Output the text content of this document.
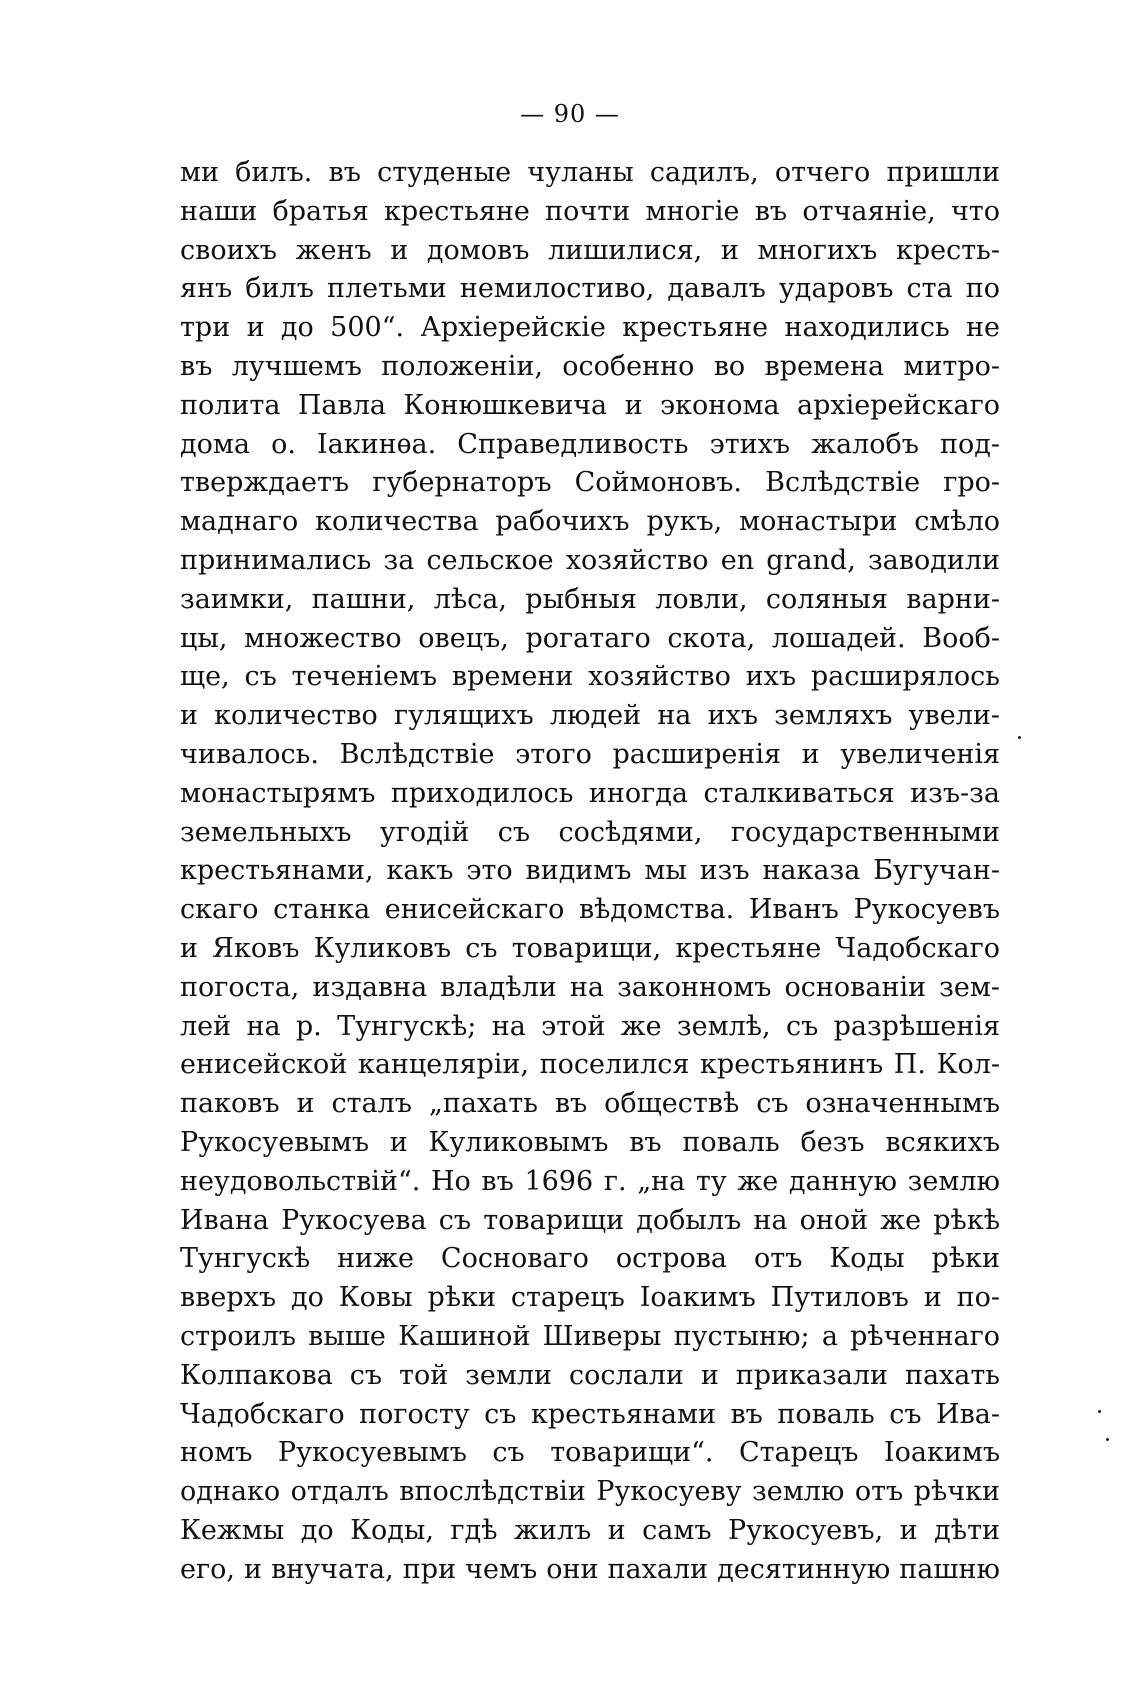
— 90 —
ми билъ. въ студеные чуланы садилъ, отчего пришли
наши братья крестьяне почти многіе въ отчаяніе, что
своихъ женъ и домовъ лишилися, и многихъ кресть-
янъ билъ плетьми немилостиво, давалъ ударовъ ста по
три и до 500“. Архіерейскіе крестьяне находились не
въ лучшемъ положеніи, особенно во времена митро-
полита Павла Конюшкевича и эконома архіерейскаго
дома о. Іакинѳа. Справедливость этихъ жалобъ под-
тверждаетъ губернаторъ Соймоновъ. Вслѣдствіе гро-
маднаго количества рабочихъ рукъ, монастыри смѣло
принимались за сельское хозяйство en grand, заводили
заимки, пашни, лѣса, рыбныя ловли, соляныя варни-
цы, множество овецъ, рогатаго скота, лошадей. Вооб-
ще, съ теченіемъ времени хозяйство ихъ расширялось
и количество гулящихъ людей на ихъ земляхъ увели-
чивалось. Вслѣдствіе этого расширенія и увеличенія
монастырямъ приходилось иногда сталкиваться изъ-за
земельныхъ угодій съ сосѣдями, государственными
крестьянами, какъ это видимъ мы изъ наказа Бугучан-
скаго станка енисейскаго вѣдомства. Иванъ Рукосуевъ
и Яковъ Куликовъ съ товарищи, крестьяне Чадобскаго
погоста, издавна владѣли на законномъ основаніи зем-
лей на р. Тунгускѣ; на этой же землѣ, съ разрѣшенія
енисейской канцеляріи, поселился крестьянинъ П. Кол-
паковъ и сталъ „пахать въ обществѣ съ означеннымъ
Рукосуевымъ и Куликовымъ въ поваль безъ всякихъ
неудовольствій“. Но въ 1696 г. „на ту же данную землю
Ивана Рукосуева съ товарищи добылъ на оной же рѣкѣ
Тунгускѣ ниже Сосноваго острова отъ Коды рѣки
вверхъ до Ковы рѣки старецъ Іоакимъ Путиловъ и по-
строилъ выше Кашиной Шиверы пустыню; а рѣченнаго
Колпакова съ той земли сослали и приказали пахать
Чадобскаго погосту съ крестьянами въ поваль съ Ива-
номъ Рукосуевымъ съ товарищи“. Старецъ Іоакимъ
однако отдалъ впослѣдствіи Рукосуеву землю отъ рѣчки
Кежмы до Коды, гдѣ жилъ и самъ Рукосуевъ, и дѣти
его, и внучата, при чемъ они пахали десятинную пашню
